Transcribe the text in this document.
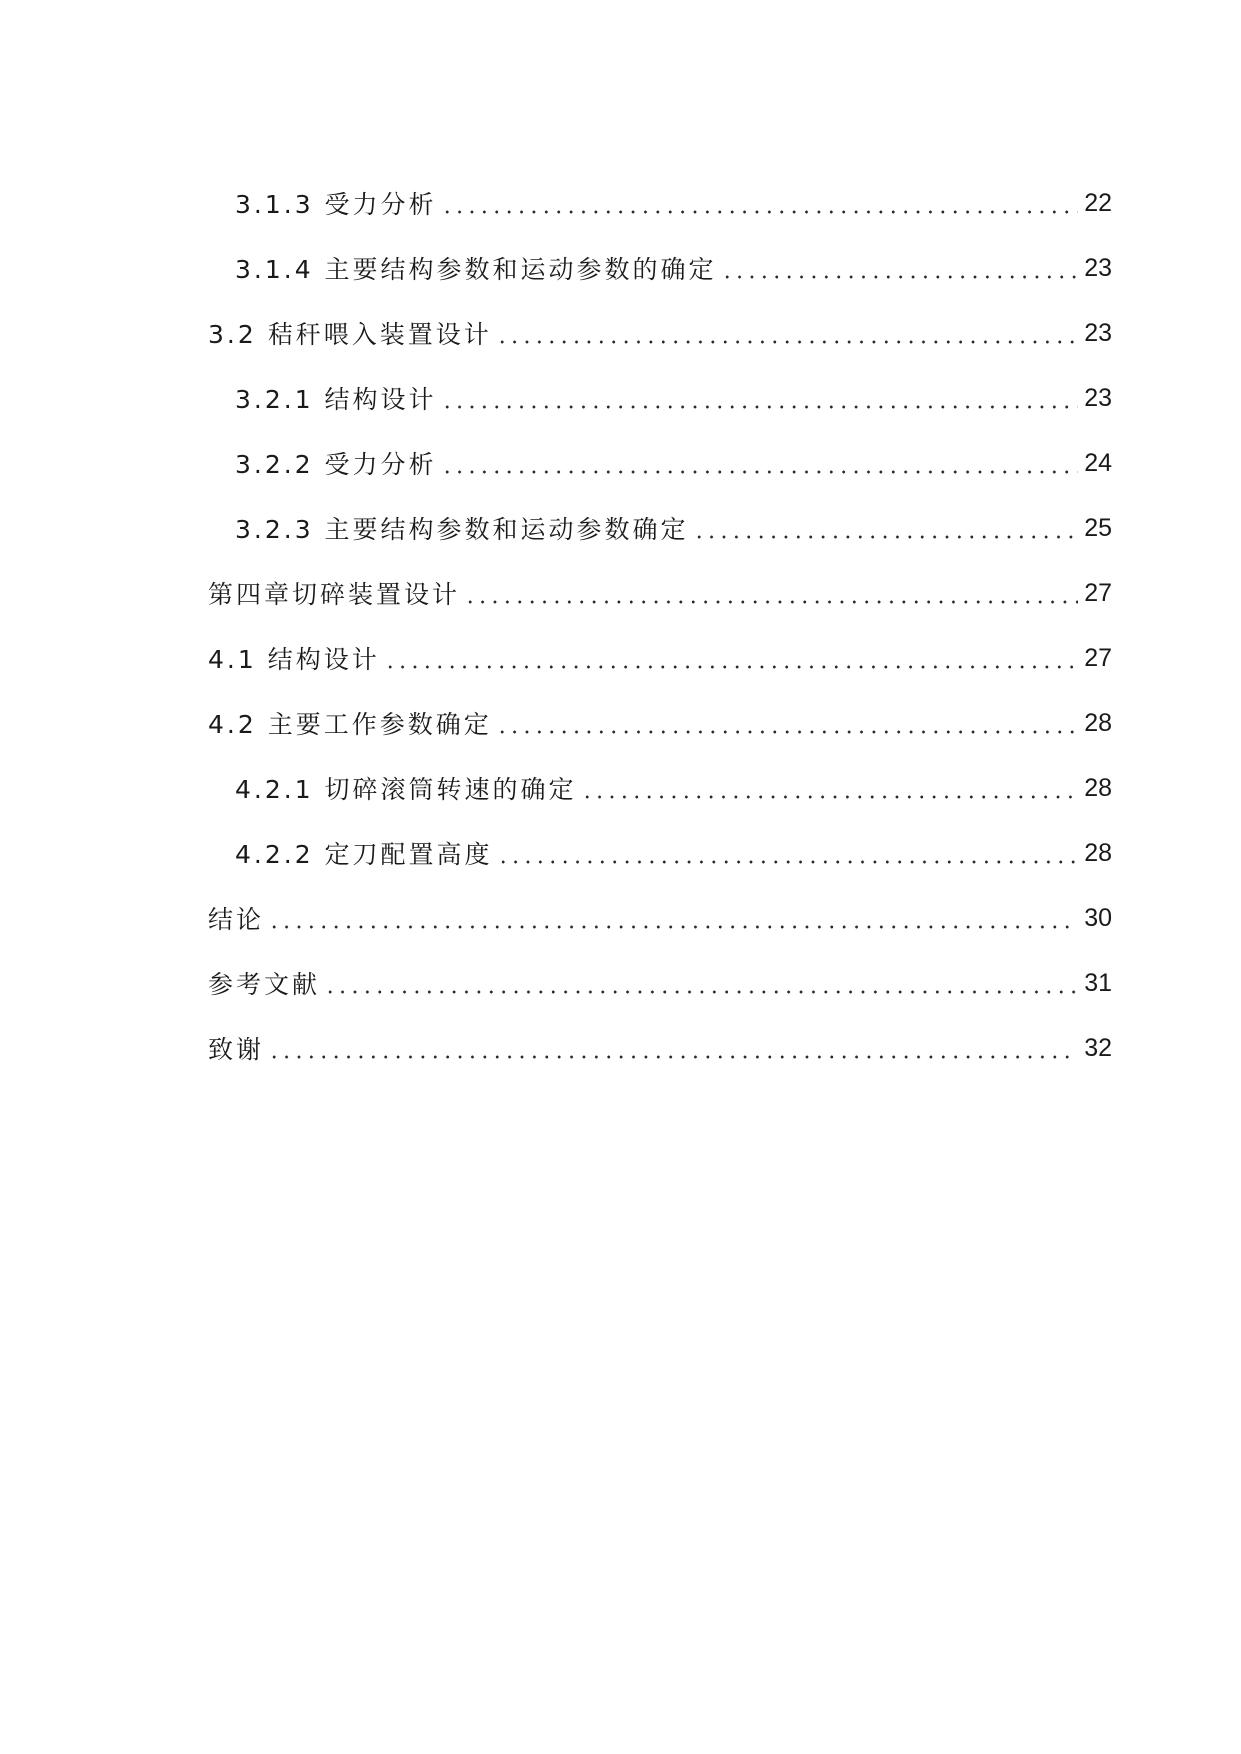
3.1.3 受力分析	22
3.1.4 主要结构参数和运动参数的确定	23
3.2 秸秆喂入装置设计	23
3.2.1 结构设计	23
3.2.2 受力分析	24
3.2.3 主要结构参数和运动参数确定	25
第四章切碎装置设计	27
4.1 结构设计	27
4.2 主要工作参数确定	28
4.2.1 切碎滚筒转速的确定	28
4.2.2 定刀配置高度	28
结论	30
参考文献	31
致谢	32
